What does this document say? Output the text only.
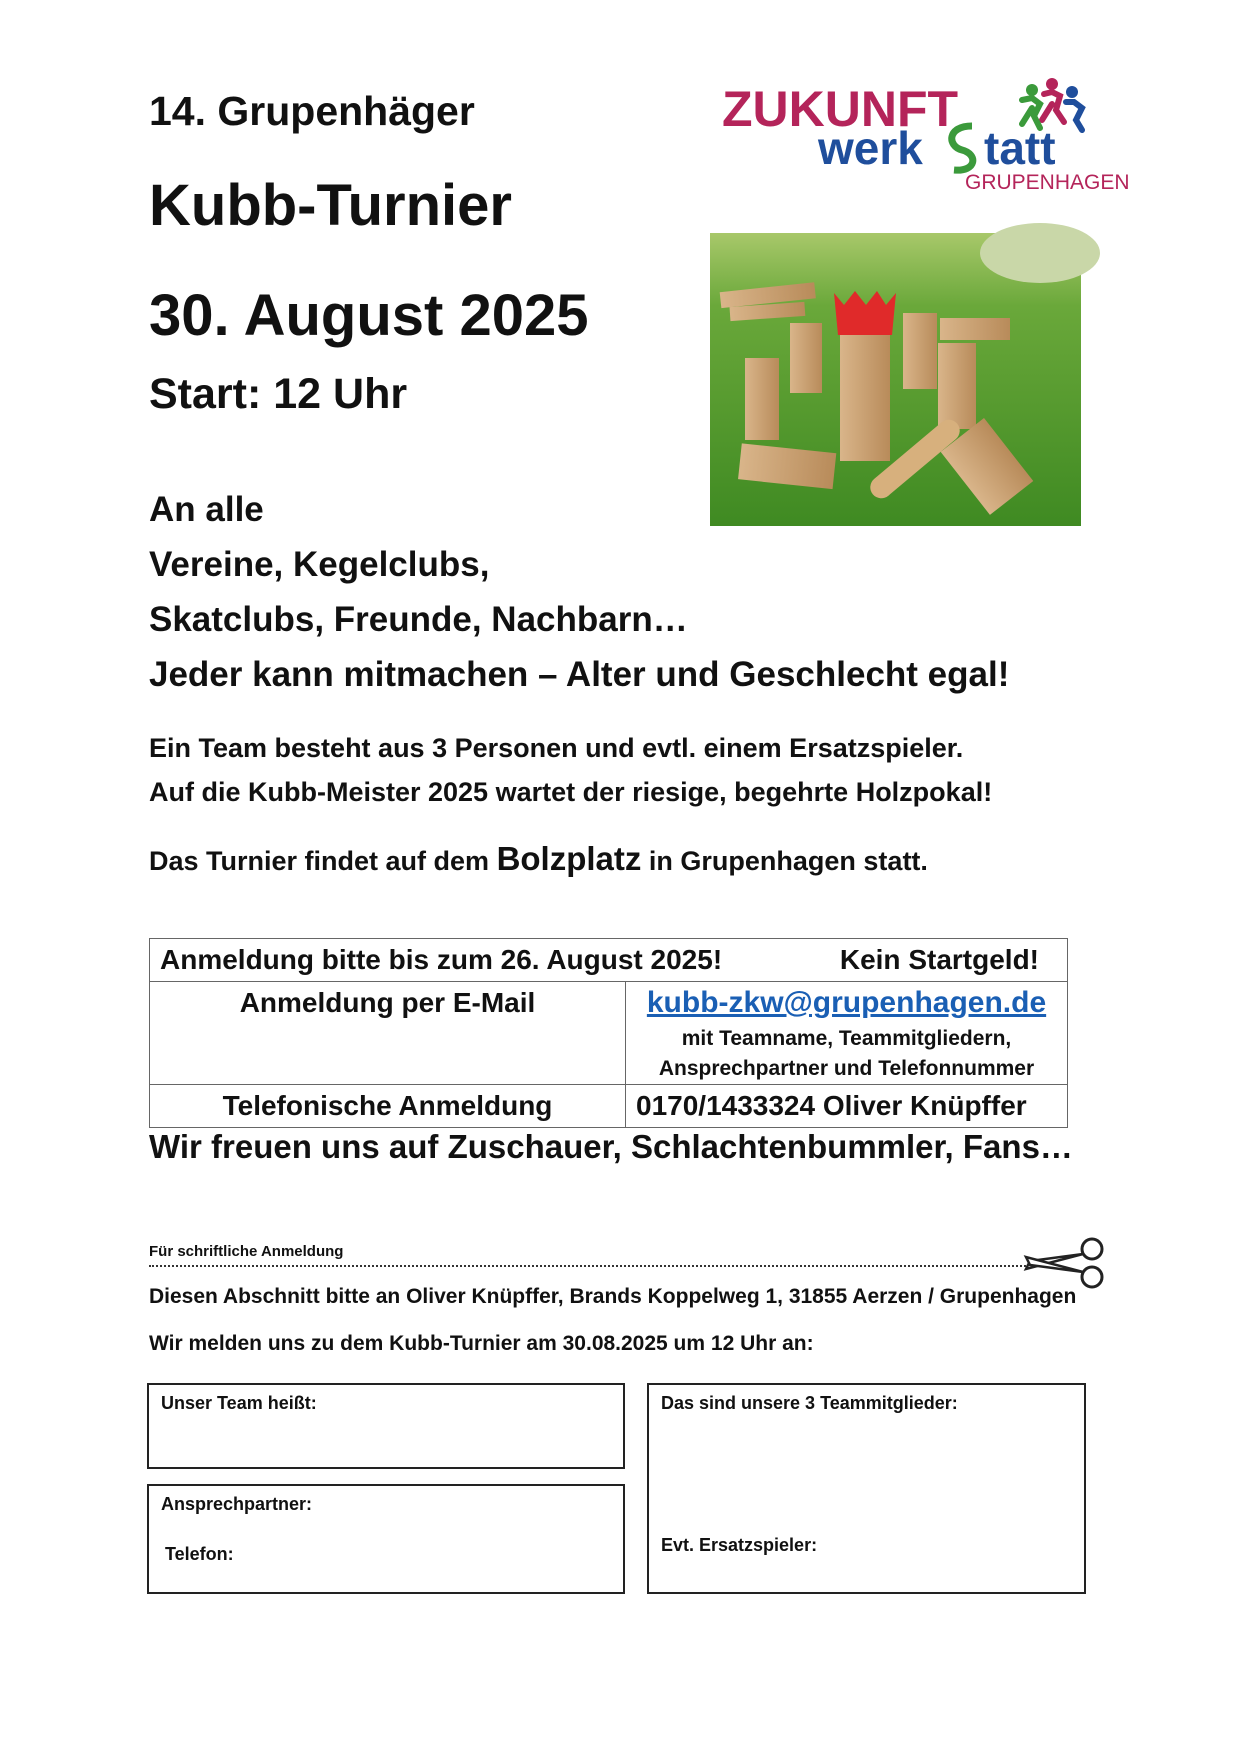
14. Grupenhäger
Kubb-Turnier
30. August 2025
Start: 12 Uhr
ZUKUNFT
werk tatt
GRUPENHAGEN
An alle
Vereine, Kegelclubs,
Skatclubs, Freunde, Nachbarn…
Jeder kann mitmachen – Alter und Geschlecht egal!
Ein Team besteht aus 3 Personen und evtl. einem Ersatzspieler.
Auf die Kubb-Meister 2025 wartet der riesige, begehrte Holzpokal!
Das Turnier findet auf dem Bolzplatz in Grupenhagen statt.
Anmeldung bitte bis zum 26. August 2025! Kein Startgeld!	

Anmeldung per E-Mail	kubb-zkw@grupenhagen.de
mit Teamname, Teammitgliedern,
Ansprechpartner und Telefonnummer

Telefonische Anmeldung	0170/1433324 Oliver Knüpffer
Wir freuen uns auf Zuschauer, Schlachtenbummler, Fans…
Für schriftliche Anmeldung
Diesen Abschnitt bitte an Oliver Knüpffer, Brands Koppelweg 1, 31855 Aerzen / Grupenhagen
Wir melden uns zu dem Kubb-Turnier am 30.08.2025 um 12 Uhr an:
Unser Team heißt:	Das sind unsere 3 Teammitglieder:
Evt. Ersatzspieler:
Ansprechpartner:
Telefon:
